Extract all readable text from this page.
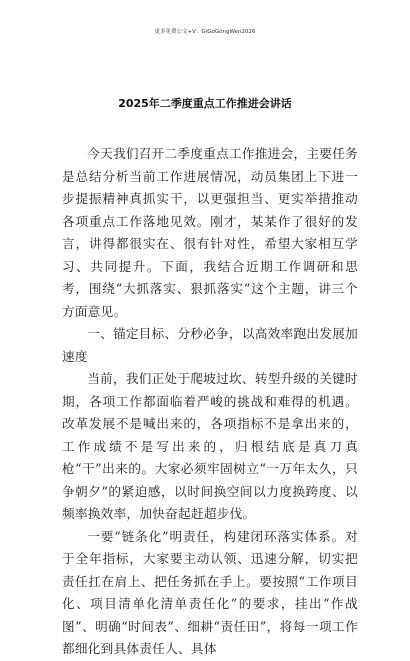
更多免费公文+V：GiGoGongWen2026
2025年二季度重点工作推进会讲话

今天我们召开二季度重点工作推进会，主要任务是总结分析当前工作进展情况，动员集团上下进一步提振精神真抓实干，以更强担当、更实举措推动各项重点工作落地见效。刚才，某某作了很好的发言，讲得都很实在、很有针对性，希望大家相互学习、共同提升。下面，我结合近期工作调研和思考，围绕“大抓落实、狠抓落实”这个主题，讲三个方面意见。

一、锚定目标、分秒必争，以高效率跑出发展加速度

当前，我们正处于爬坡过坎、转型升级的关键时期，各项工作都面临着严峻的挑战和难得的机遇。改革发展不是喊出来的，各项指标不是拿出来的，工作成绩不是写出来的，归根结底是真刀真枪“干”出来的。大家必须牢固树立“一万年太久，只争朝夕”的紧迫感，以时间换空间以力度换跨度、以频率换效率，加快奋起赶超步伐。

一要“链条化”明责任，构建闭环落实体系。对于全年指标，大家要主动认领、迅速分解，切实把责任扛在肩上、把任务抓在手上。要按照“工作项目化、项目清单化清单责任化”的要求，挂出“作战图”、明确“时间表”、细耕“责任田”，将每一项工作都细化到具体责任人、具体
